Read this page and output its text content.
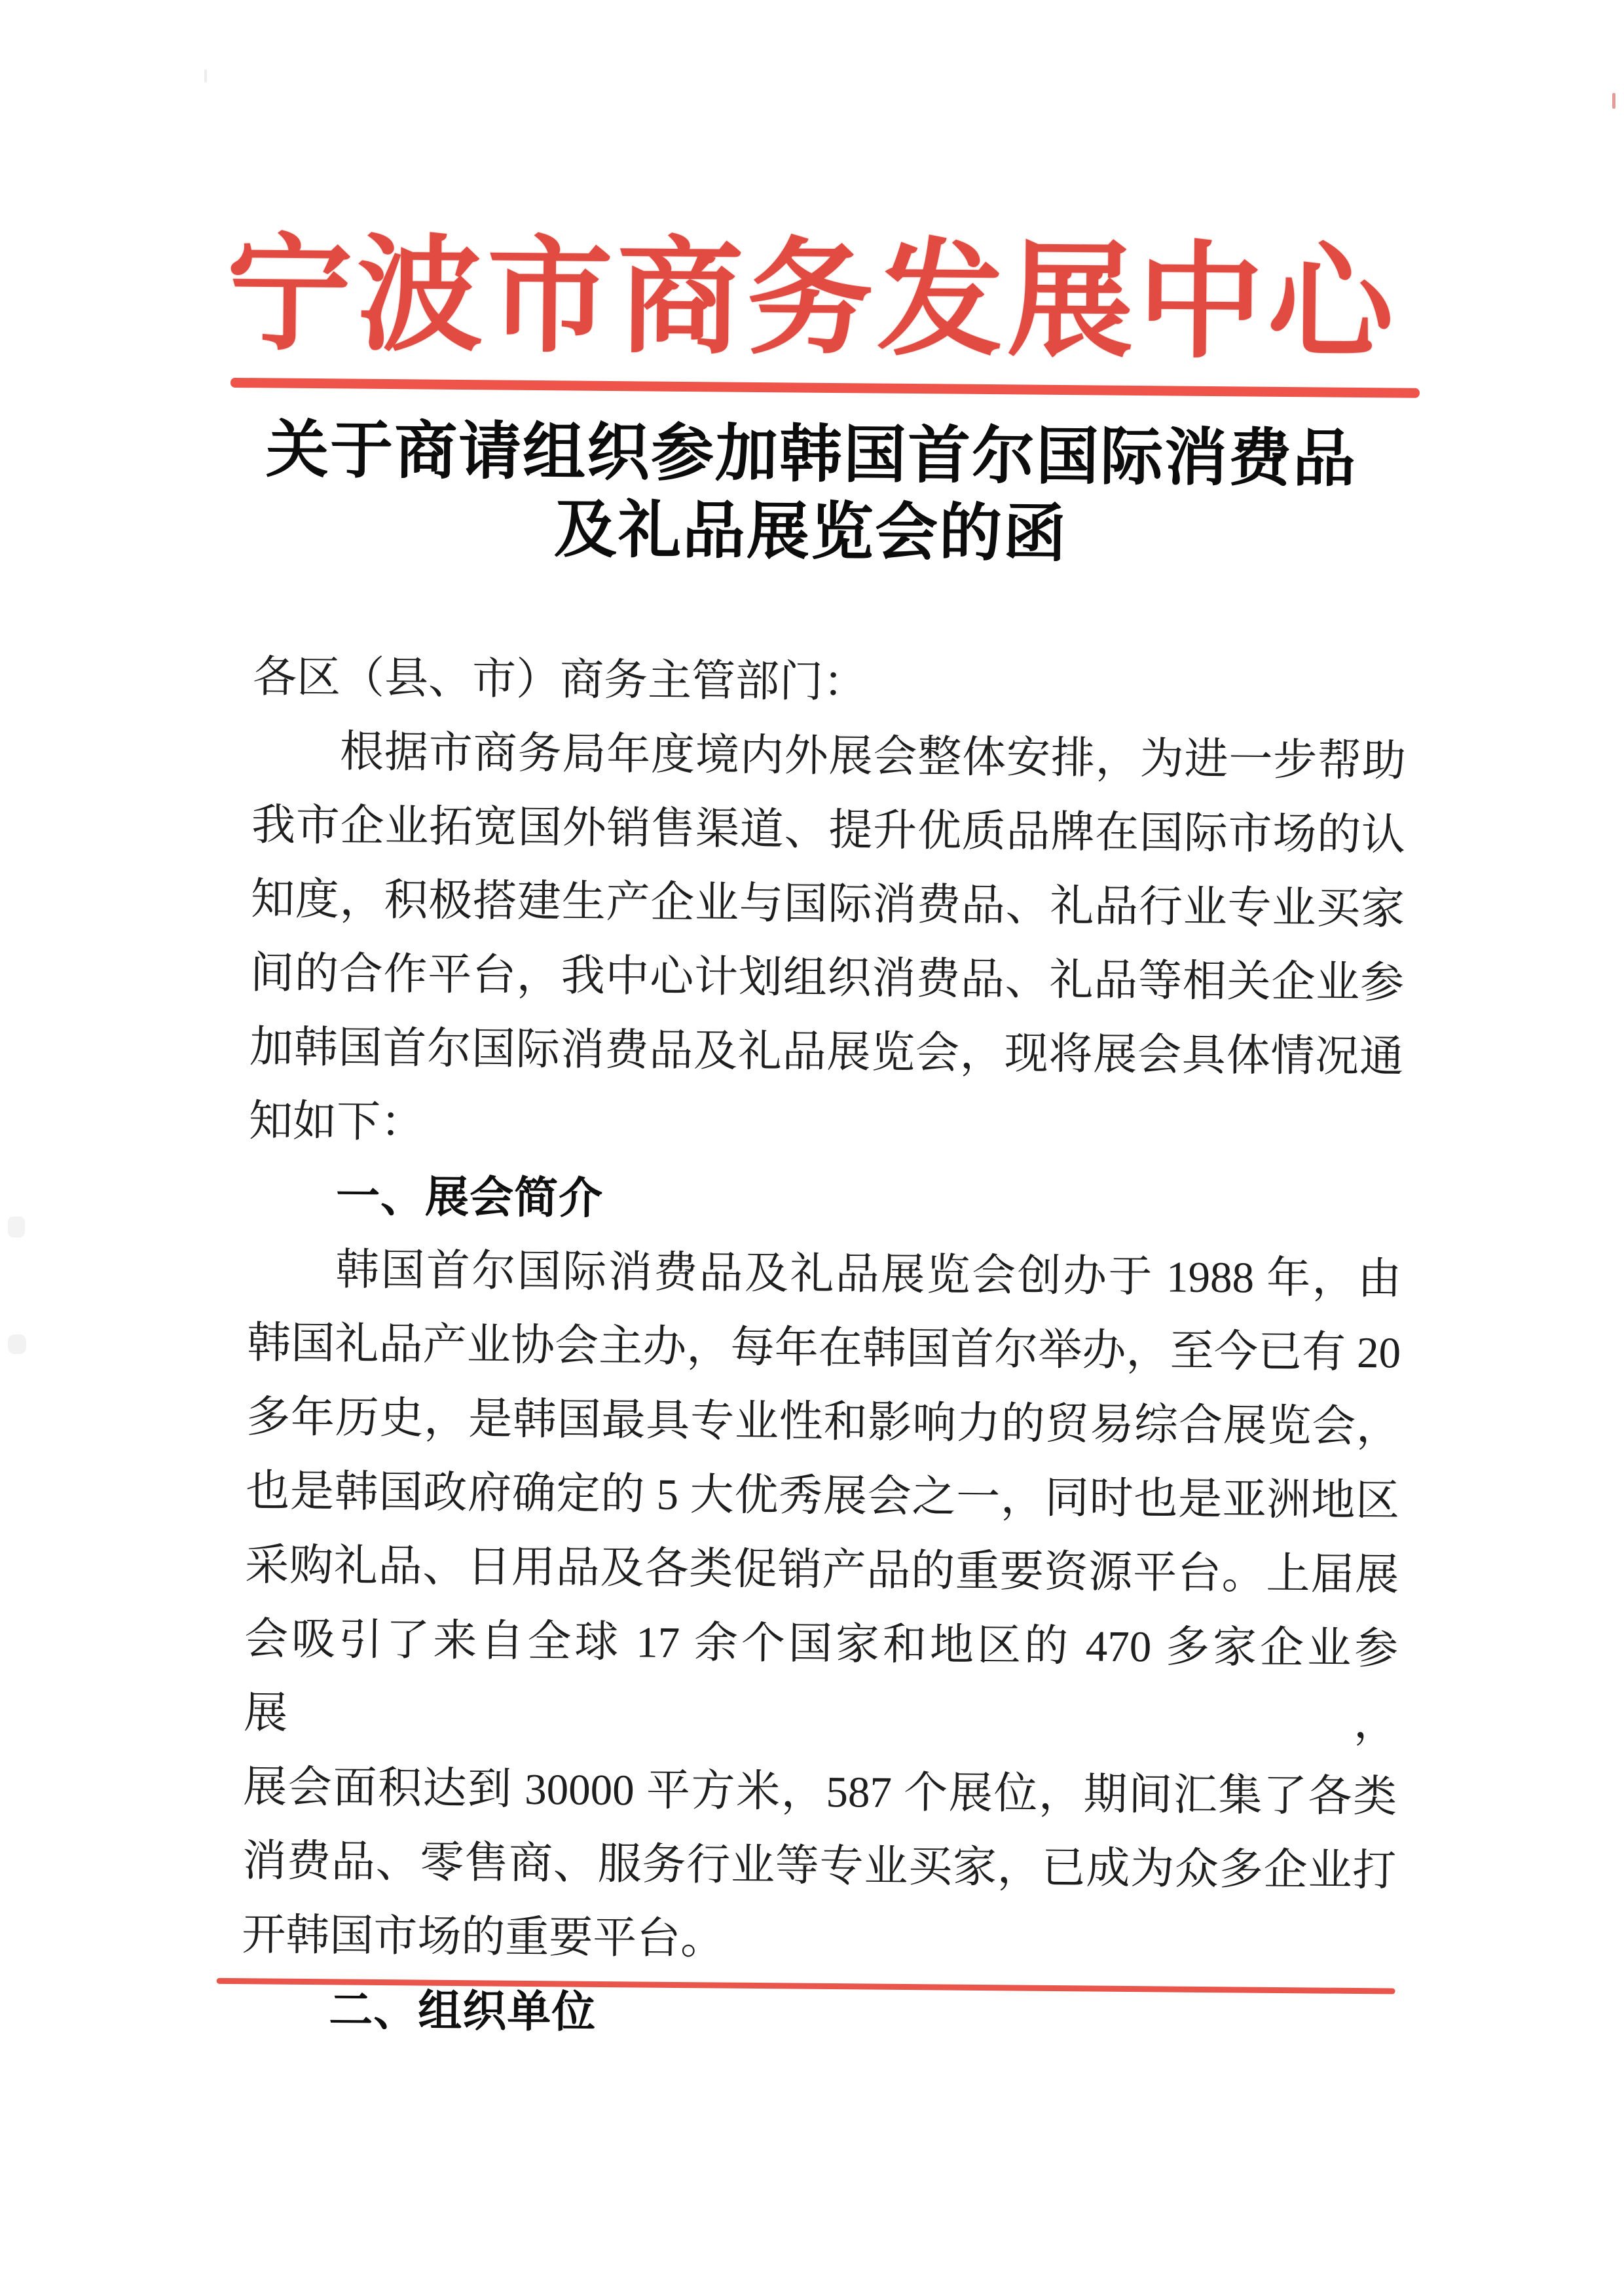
宁 波 市 商 务 发 展 中 心
关于商请组织参加韩国首尔国际消费品
及礼品展览会的函
各区（县、市）商务主管部门：
根据市商务局年度境内外展会整体安排，为进一步帮助
我市企业拓宽国外销售渠道、提升优质品牌在国际市场的认
知度，积极搭建生产企业与国际消费品、礼品行业专业买家
间的合作平台，我中心计划组织消费品、礼品等相关企业参
加韩国首尔国际消费品及礼品展览会，现将展会具体情况通
知如下：
一、展会简介
韩国首尔国际消费品及礼品展览会创办于 1988 年，由
韩国礼品产业协会主办，每年在韩国首尔举办，至今已有 20
多年历史，是韩国最具专业性和影响力的贸易综合展览会，
也是韩国政府确定的 5 大优秀展会之一，同时也是亚洲地区
采购礼品、日用品及各类促销产品的重要资源平台。上届展
会吸引了来自全球 17 余个国家和地区的 470 多家企业参展，
展会面积达到 30000 平方米，587 个展位，期间汇集了各类
消费品、零售商、服务行业等专业买家，已成为众多企业打
开韩国市场的重要平台。
二、组织单位
